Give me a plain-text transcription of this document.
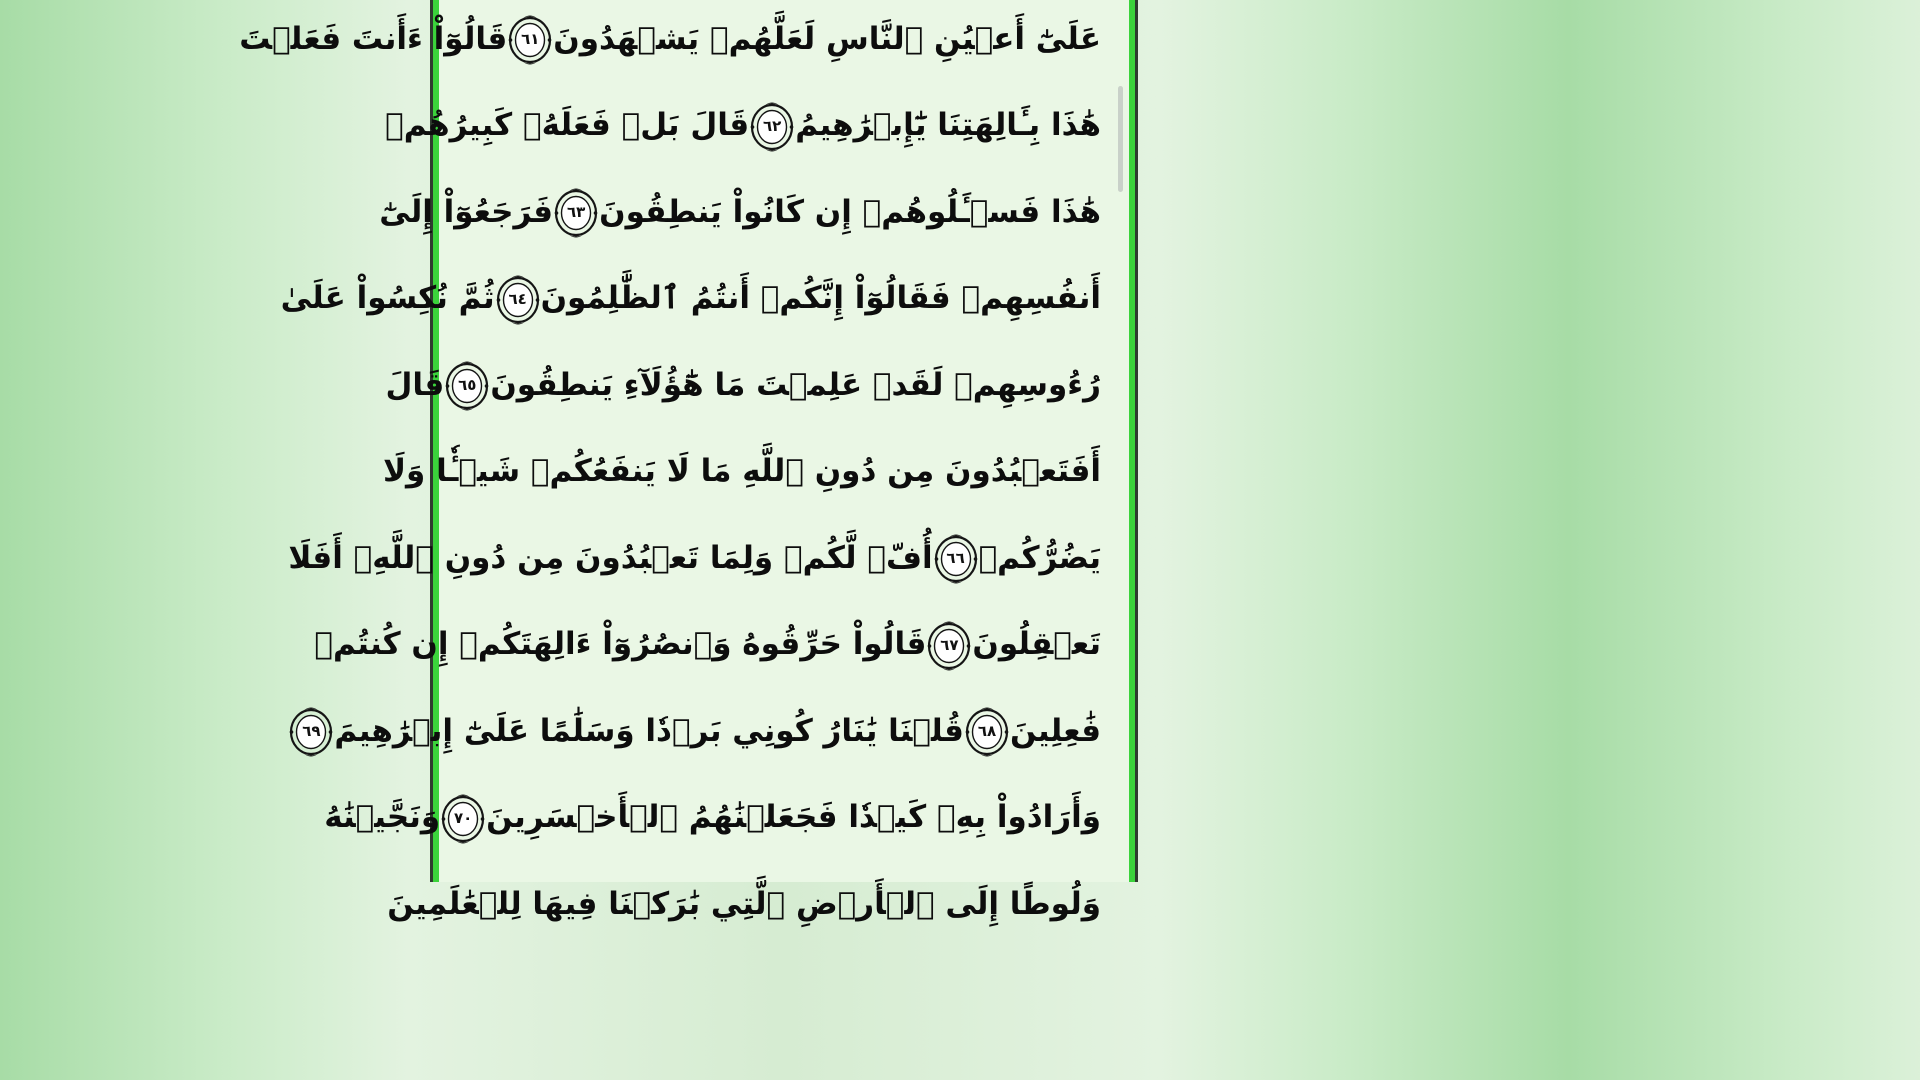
عَلَىٰٓ أَعۡيُنِ ٱلنَّاسِ لَعَلَّهُمۡ يَشۡهَدُونَ
٦١
قَالُوٓاْ ءَأَنتَ فَعَلۡتَ
هَٰذَا بِـَٔالِهَتِنَا يَٰٓإِبۡرَٰهِيمُ
٦٢
قَالَ بَلۡ فَعَلَهُۥ كَبِيرُهُمۡ
هَٰذَا فَسۡـَٔلُوهُمۡ إِن كَانُواْ يَنطِقُونَ
٦٣
فَرَجَعُوٓاْ إِلَىٰٓ
أَنفُسِهِمۡ فَقَالُوٓاْ إِنَّكُمۡ أَنتُمُ ٱلظَّٰلِمُونَ
٦٤
ثُمَّ نُكِسُواْ عَلَىٰ
رُءُوسِهِمۡ لَقَدۡ عَلِمۡتَ مَا هَٰٓؤُلَآءِ يَنطِقُونَ
٦٥
قَالَ
أَفَتَعۡبُدُونَ مِن دُونِ ٱللَّهِ مَا لَا يَنفَعُكُمۡ شَيۡـٔٗا وَلَا
يَضُرُّكُمۡ
٦٦
أُفّٖ لَّكُمۡ وَلِمَا تَعۡبُدُونَ مِن دُونِ ٱللَّهِۖ أَفَلَا
تَعۡقِلُونَ
٦٧
قَالُواْ حَرِّقُوهُ وَٱنصُرُوٓاْ ءَالِهَتَكُمۡ إِن كُنتُمۡ
فَٰعِلِينَ
٦٨
قُلۡنَا يَٰنَارُ كُونِي بَرۡدٗا وَسَلَٰمًا عَلَىٰٓ إِبۡرَٰهِيمَ
٦٩
وَأَرَادُواْ بِهِۦ كَيۡدٗا فَجَعَلۡنَٰهُمُ ٱلۡأَخۡسَرِينَ
٧٠
وَنَجَّيۡنَٰهُ
وَلُوطًا إِلَى ٱلۡأَرۡضِ ٱلَّتِي بَٰرَكۡنَا فِيهَا لِلۡعَٰلَمِينَ
